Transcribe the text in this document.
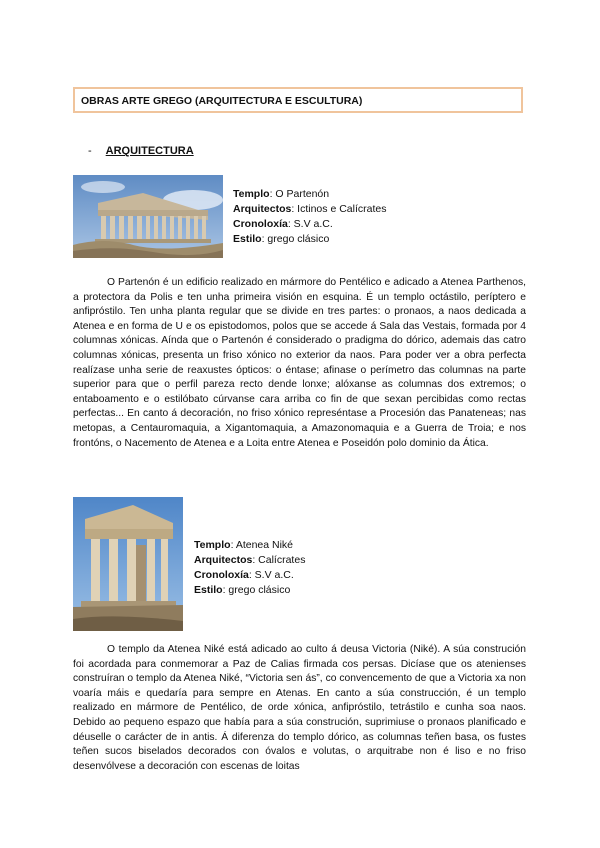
OBRAS ARTE GREGO (ARQUITECTURA E ESCULTURA)
- ARQUITECTURA
Templo: O Partenón
Arquitectos: Ictinos e Calícrates
Cronoloxía: S.V a.C.
Estilo: grego clásico

O Partenón é un edificio realizado en mármore do Pentélico e adicado a Atenea Parthenos, a protectora da Polis e ten unha primeira visión en esquina. É un templo octástilo, períptero e anfipróstilo. Ten unha planta regular que se divide en tres partes: o pronaos, a naos dedicada a Atenea e en forma de U e os epistodomos, polos que se accede á Sala das Vestais, formada por 4 columnas xónicas. Aínda que o Partenón é considerado o pradigma do dórico, ademais das catro columnas xónicas, presenta un friso xónico no exterior da naos. Para poder ver a obra perfecta realízase unha serie de reaxustes ópticos: o éntase; afinase o perímetro das columnas na parte superior para que o perfil pareza recto dende lonxe; alóxanse as columnas dos extremos; o entaboamento e o estilóbato cúrvanse cara arriba co fin de que sexan percibidas como rectas perfectas... En canto á decoración, no friso xónico represéntase a Procesión das Panateneas; nas metopas, a Centauromaquia, a Xigantomaquia, a Amazonomaquia e a Guerra de Troia; e nos frontóns, o Nacemento de Atenea e a Loita entre Atenea e Poseidón polo dominio da Ática.

Templo: Atenea Niké
Arquitectos: Calícrates
Cronoloxía: S.V a.C.
Estilo: grego clásico

O templo da Atenea Niké está adicado ao culto á deusa Victoria (Niké). A súa construción foi acordada para conmemorar a Paz de Calias firmada cos persas. Dicíase que os atenienses construíran o templo da Atenea Niké, “Victoria sen ás”, co convencemento de que a Victoria xa non voaría máis e quedaría para sempre en Atenas. En canto a súa construcción, é un templo realizado en mármore de Pentélico, de orde xónica, anfipróstilo, tetrástilo e cunha soa naos. Debido ao pequeno espazo que había para a súa construción, suprimiuse o pronaos planificado e déuselle o carácter de in antis. Á diferenza do templo dórico, as columnas teñen basa, os fustes teñen sucos biselados decorados con óvalos e volutas, o arquitrabe non é liso e no friso desenvólvese a decoración con escenas de loitas
